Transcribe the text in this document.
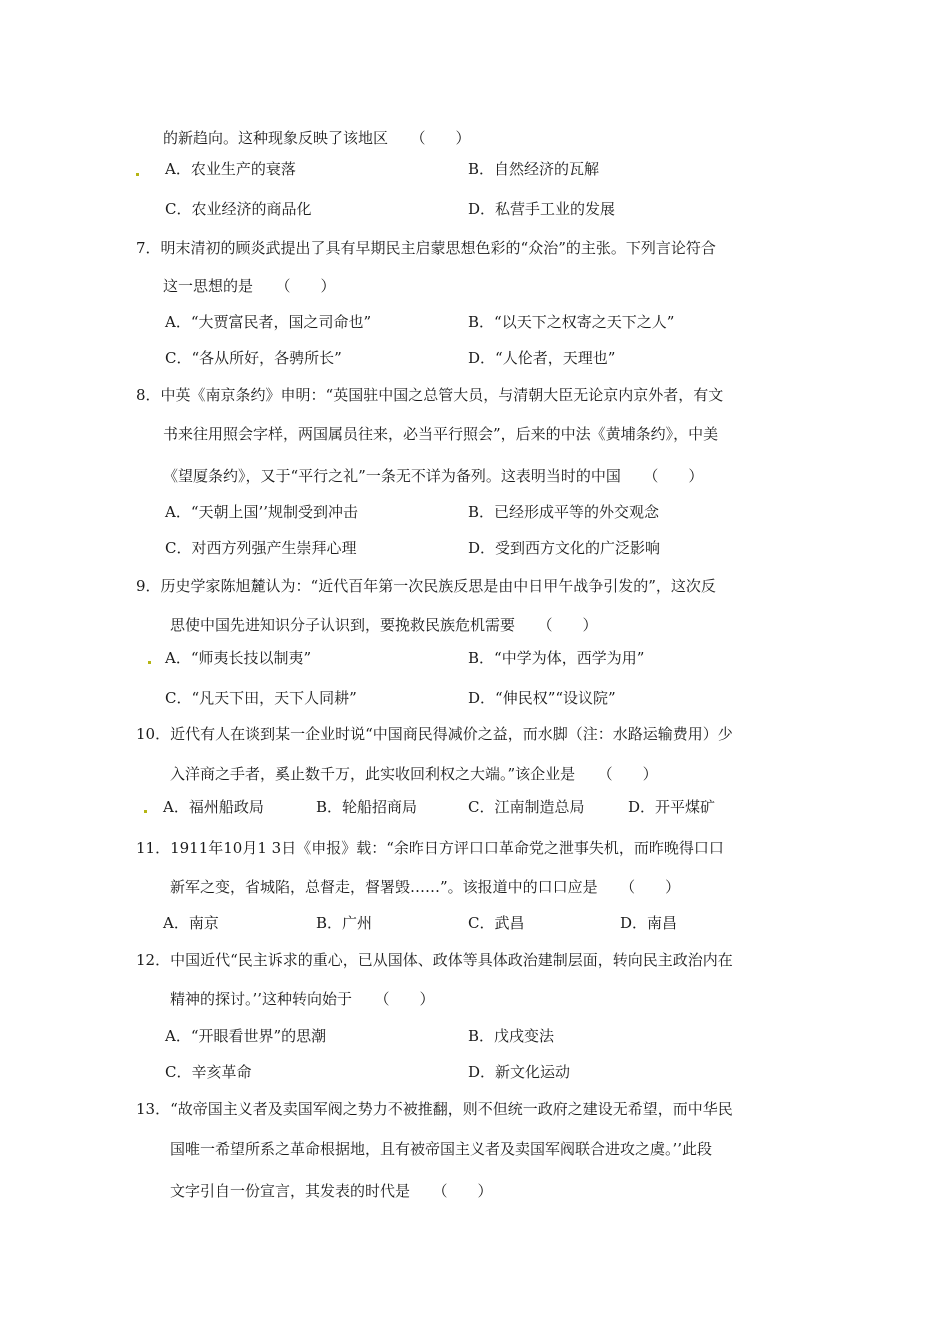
的新趋向。这种现象反映了该地区　　（　　）
A．农业生产的衰落	B．自然经济的瓦解
C．农业经济的商品化	D．私营手工业的发展
7．明末清初的顾炎武提出了具有早期民主启蒙思想色彩的“众治”的主张。下列言论符合
这一思想的是　　（　　）
A．“大贾富民者，国之司命也”	B．“以天下之权寄之天下之人”
C．“各从所好，各骋所长”	D．“人伦者，天理也”
8．中英《南京条约》申明：“英国驻中国之总管大员，与清朝大臣无论京内京外者，有文
书来往用照会字样，两国属员往来，必当平行照会”，后来的中法《黄埔条约》，中美
《望厦条约》，又于“平行之礼”一条无不详为备列。这表明当时的中国　　（　　）
A．“天朝上国’’规制受到冲击	B．已经形成平等的外交观念
C．对西方列强产生崇拜心理	D．受到西方文化的广泛影响
9．历史学家陈旭麓认为：“近代百年第一次民族反思是由中日甲午战争引发的”，这次反
思使中国先进知识分子认识到，要挽救民族危机需要　　（　　）
A．“师夷长技以制夷”	B．“中学为体，西学为用”
C．“凡天下田，天下人同耕”	D．“伸民权”“设议院”
10．近代有人在谈到某一企业时说“中国商民得减价之益，而水脚（注：水路运输费用）少
入洋商之手者，奚止数千万，此实收回利权之大端。”该企业是　　（　　）
A．福州船政局	B．轮船招商局	C．江南制造总局	D．开平煤矿
11．1911年10月1 3日《申报》载：“余昨日方评口口革命党之泄事失机，而昨晚得口口
新军之变，省城陷，总督走，督署毁……”。该报道中的口口应是　　（　　）
A．南京	B．广州	C．武昌	D．南昌
12．中国近代“民主诉求的重心，已从国体、政体等具体政治建制层面，转向民主政治内在
精神的探讨。’’这种转向始于　　（　　）
A．“开眼看世界”的思潮	B．戊戌变法
C．辛亥革命	D．新文化运动
13．“故帝国主义者及卖国军阀之势力不被推翻，则不但统一政府之建设无希望，而中华民
国唯一希望所系之革命根据地，且有被帝国主义者及卖国军阀联合进攻之虞。’’此段
文字引自一份宣言，其发表的时代是　　（　　）
